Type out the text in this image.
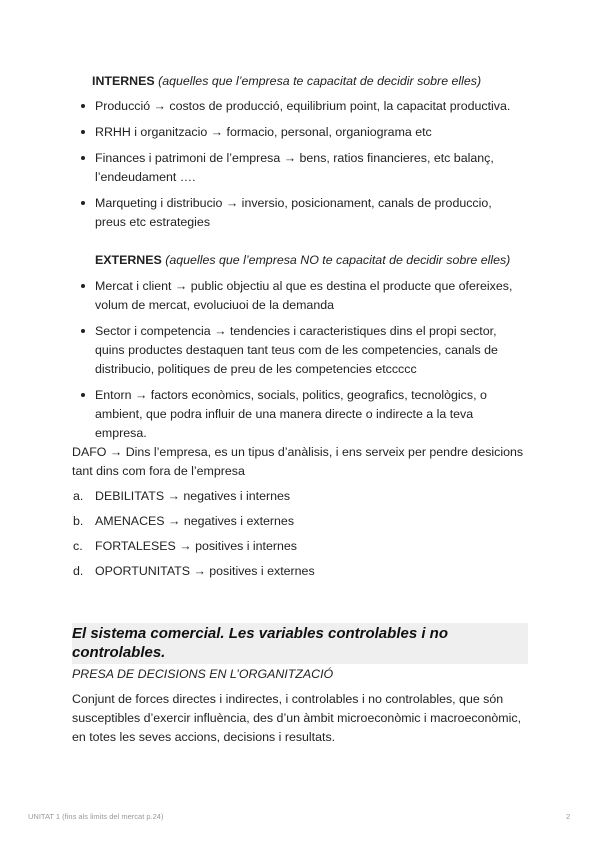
INTERNES (aquelles que l’empresa te capacitat de decidir sobre elles)
Producció → costos de producció, equilibrium point, la capacitat productiva.
RRHH i organitzacio → formacio, personal, organiograma etc
Finances i patrimoni de l’empresa → bens, ratios financieres, etc balanç, l’endeudament ….
Marqueting i distribucio → inversio, posicionament, canals de produccio, preus etc estrategies
EXTERNES (aquelles que l’empresa NO te capacitat de decidir sobre elles)
Mercat i client → public objectiu al que es destina el producte que ofereixes, volum de mercat, evoluciuoi de la demanda
Sector i competencia → tendencies i caracteristiques dins el propi sector, quins productes destaquen tant teus com de les competencies, canals de distribucio, politiques de preu de les competencies etccccc
Entorn → factors econòmics, socials, politics, geografics, tecnològics, o ambient, que podra influir de una manera directe o indirecte a la teva empresa.

DAFO → Dins l’empresa, es un tipus d’anàlisis, i ens serveix per pendre desicions tant dins com fora de l’empresa

a. DEBILITATS → negatives i internes
b. AMENACES → negatives i externes
c. FORTALESES → positives i internes
d. OPORTUNITATS → positives i externes
El sistema comercial. Les variables controlables i no controlables.

PRESA DE DECISIONS EN L’ORGANITZACIÓ

Conjunt de forces directes i indirectes, i controlables i no controlables, que són susceptibles d’exercir influència, des d’un àmbit microeconòmic i macroeconòmic, en totes les seves accions, decisions i resultats.

UNITAT 1 (fins als limits del mercat p.24)	2
